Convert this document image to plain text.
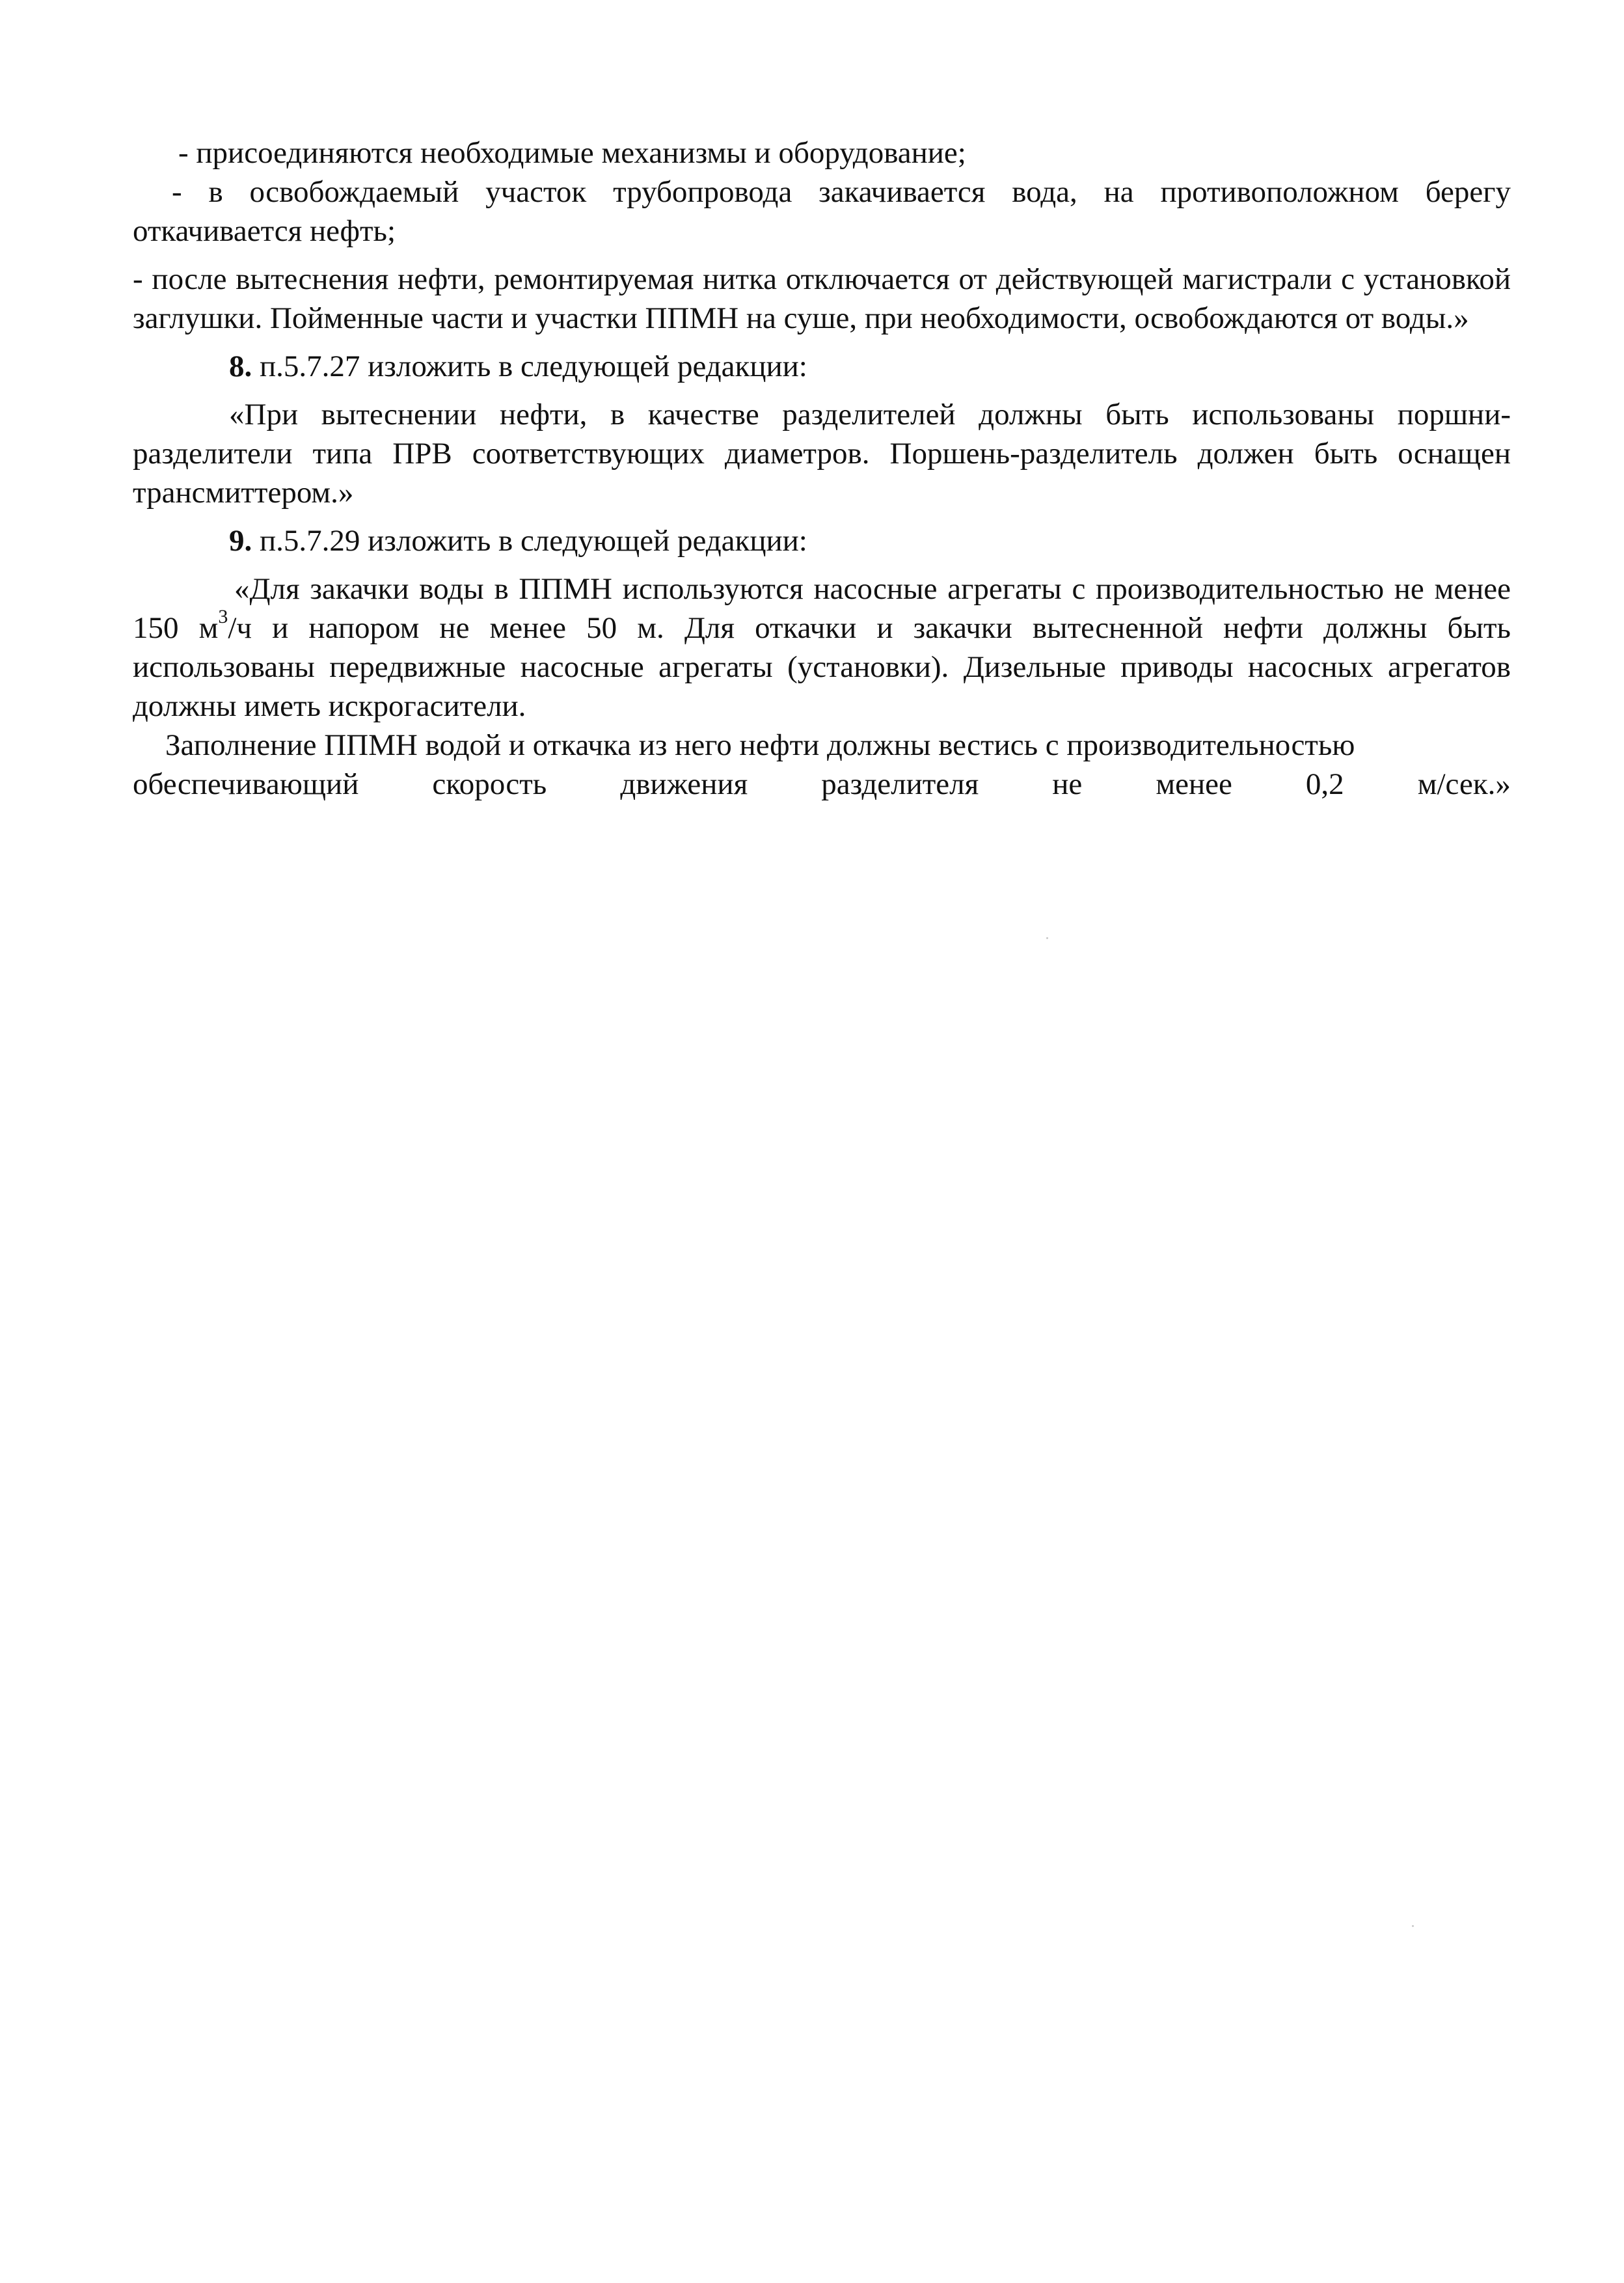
- присоединяются необходимые механизмы и оборудование;

- в освобождаемый участок трубопровода закачивается вода, на противоположном берегу откачивается нефть;

- после вытеснения нефти, ремонтируемая нитка отключается от действующей магистрали с установкой заглушки. Пойменные части и участки ППМН на суше, при необходимости, освобождаются от воды.»

8. п.5.7.27 изложить в следующей редакции:

«При вытеснении нефти, в качестве разделителей должны быть использованы поршни-разделители типа ПРВ соответствующих диаметров. Поршень-разделитель должен быть оснащен трансмиттером.»

9. п.5.7.29 изложить в следующей редакции:

«Для закачки воды в ППМН используются насосные агрегаты с производительностью не менее 150 $м^3/ч$ и напором не менее 50 м. Для откачки и закачки вытесненной нефти должны быть использованы передвижные насосные агрегаты (установки). Дизельные приводы насосных агрегатов должны иметь искрогасители.

Заполнение ППМН водой и откачка из него нефти должны вестись с производительностью

обеспечивающий скорость движения разделителя не менее 0,2 м/сек.»
